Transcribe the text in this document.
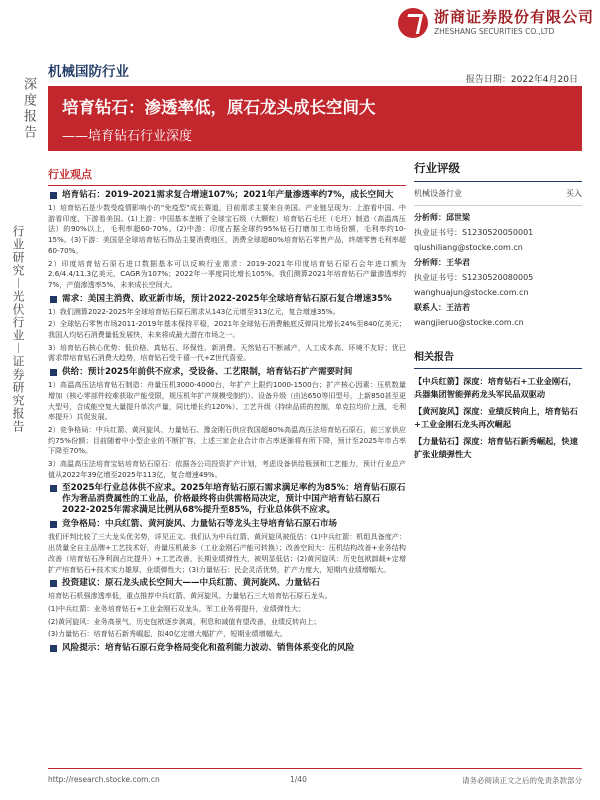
深度报告
行业研究︱光伏行业︱证券研究报告
浙商证券股份有限公司
ZHESHANG SECURITIES CO.,LTD
机械国防行业	报告日期：2022年4月20日
培育钻石：渗透率低，原石龙头成长空间大
——培育钻石行业深度
行业观点
培育钻石：2019-2021需求复合增速107%；2021年产量渗透率约7%，成长空间大
1）培育钻石是少数受疫情影响小的“免疫型”成长赛道，目前需求主要来自美国。产业链呈现为：上游看中国、中游看印度、下游看美国。(1)上游：中国基本垄断了全球宝石级（大颗粒）培育钻石毛坯（毛坯）制造（高温高压法）的90%以上，毛利率超60-70%。(2)中游：印度占据全球约95%钻石打磨加工市场份额，毛利率约10-15%。(3)下游：美国是全球培育钻石饰品主要消费地区，消费全球超80%培育钻石零售产品，终端零售毛利率超60-70%。
2）印度培育钻石原石进口数据基本可以反映行业需求：2019-2021年印度培育钻石原石会年进口额为2.6/4.4/11.3亿美元，CAGR为107%；2022年一季度同比增长105%。我们测算2021年培育钻石产量渗透率约7%，产值渗透率5%，未来成长空间大。
需求：美国主消费、欧亚新市场，预计2022-2025年全球培育钻石原石复合增速35%
1）我们测算2022-2025年全球培育钻石原石需求从143亿元增至313亿元，复合增速35%。
2）全球钻石零售市场2011-2019年基本保持平稳，2021年全球钻石消费触底反弹同比增长24%至840亿美元；我国人均钻石消费量低发展快，未来将成最大潜在市场之一。
3）培育钻石核心优势：低价格、真钻石、环保性、新消费。天然钻石不断减产，人工成本高、环境不友好；优已需求带培育钻石消费大趋势，培育钻石受千禧一代+Z世代喜爱。
供给：预计2025年前供不应求，受设备、工艺限制，培育钻石扩产需要时间
1）高温高压法培育钻石制造：舟量压机3000-4000台，年扩产上限约1000-1500台；扩产核心因素：压机数量增加（核心零部件较难获取产能受限，规压机年扩产规模受制约）、设备升级（由达650等旧型号，上新850甚至更大型号，合成能空复大量提升单次产量，同比增长约120%）、工艺升级（持续品质的控制，单克拉均价上涨，毛利率提升）共促发展。
2）竞争格局：中兵红箭、黄河旋风、力量钻石、豫金刚石供应我国超80%高温高压法培育钻石原石，前三家供应约75%份额；目前随着中小型企业的不断扩容，上述三家企业合计市占率逐渐将有所下降，预计至2025年市占率下降至70%。
3）高温高压法培育宝钻培育钻石原石：依据各公司投资扩产计划，考虑设备供给瓶颈和工艺能力，预计行业总产值从2022年39亿增至2025年113亿，复合增速49%。
至2025年行业总体供不应求。2025年培育钻石原石需求满足率约为85%：培育钻石原石作为奢品消费属性的工业品，价格最终将由供需格局决定，预计中国产培育钻石原石2022-2025年需求满足比例从68%提升至85%，行业总体供不应求。
竞争格局：中兵红箭、黄河旋风、力量钻石等龙头主导培育钻石原石市场
我们评判比较了三大龙头优劣势，详见正文。我们认为中兵红箭、黄河旋风被低估：(1)中兵红箭：机组具备度产：出货量全自主品牌+工艺技术好，舟量压机最多（工业金刚石产能可转换）；改善空间大：压机结构改善+业务结构改善（培育钻石净利润占比提升）+工艺改善，长期业绩弹性大，被明显低估；(2)黄河旋风：历史包袱卸载+定增扩产培育钻石+技术实力雄厚，业绩弹性大；(3)力量钻石：民企灵活优势，扩产力度大，短期内业绩增幅大。
投资建议：原石龙头成长空间大——中兵红箭、黄河旋风、力量钻石
培育钻石机强渗透率低，重点推荐中兵红箭、黄河旋风、力量钻石三大培育钻石原石龙头。
(1)中兵红箭：业务培育钻石+工业金刚石双龙头，军工业务将提升，业绩弹性大；
(2)黄河旋风：业务高景气，历史包袱逐步剥离，利息和减值有望改善，业绩反转向上；
(3)力量钻石：培育钻石新秀崛起，拟40亿定增大幅扩产，短期业绩增幅大。
风险提示：培育钻石原石竞争格局变化和盈利能力波动、销售体系变化的风险
行业评级
机械设备行业	买入
分析师：邱世梁
执业证书号：S1230520050001
qiushiliang@stocke.com.cn
分析师：王华君
执业证书号：S1230520080005
wanghuajun@stocke.com.cn
联系人：王洁若
wangjieruo@stocke.com.cn
相关报告
【中兵红箭】深度：培育钻石+工业金刚石，兵器集团智能弹药龙头军民品双驱动
【黄河旋风】深度：业绩反转向上，培育钻石+工业金刚石龙头再次崛起
【力量钻石】深度：培育钻石新秀崛起，快速扩张业绩弹性大
http://research.stocke.com.cn	1/40	请务必阅读正文之后的免责条款部分
